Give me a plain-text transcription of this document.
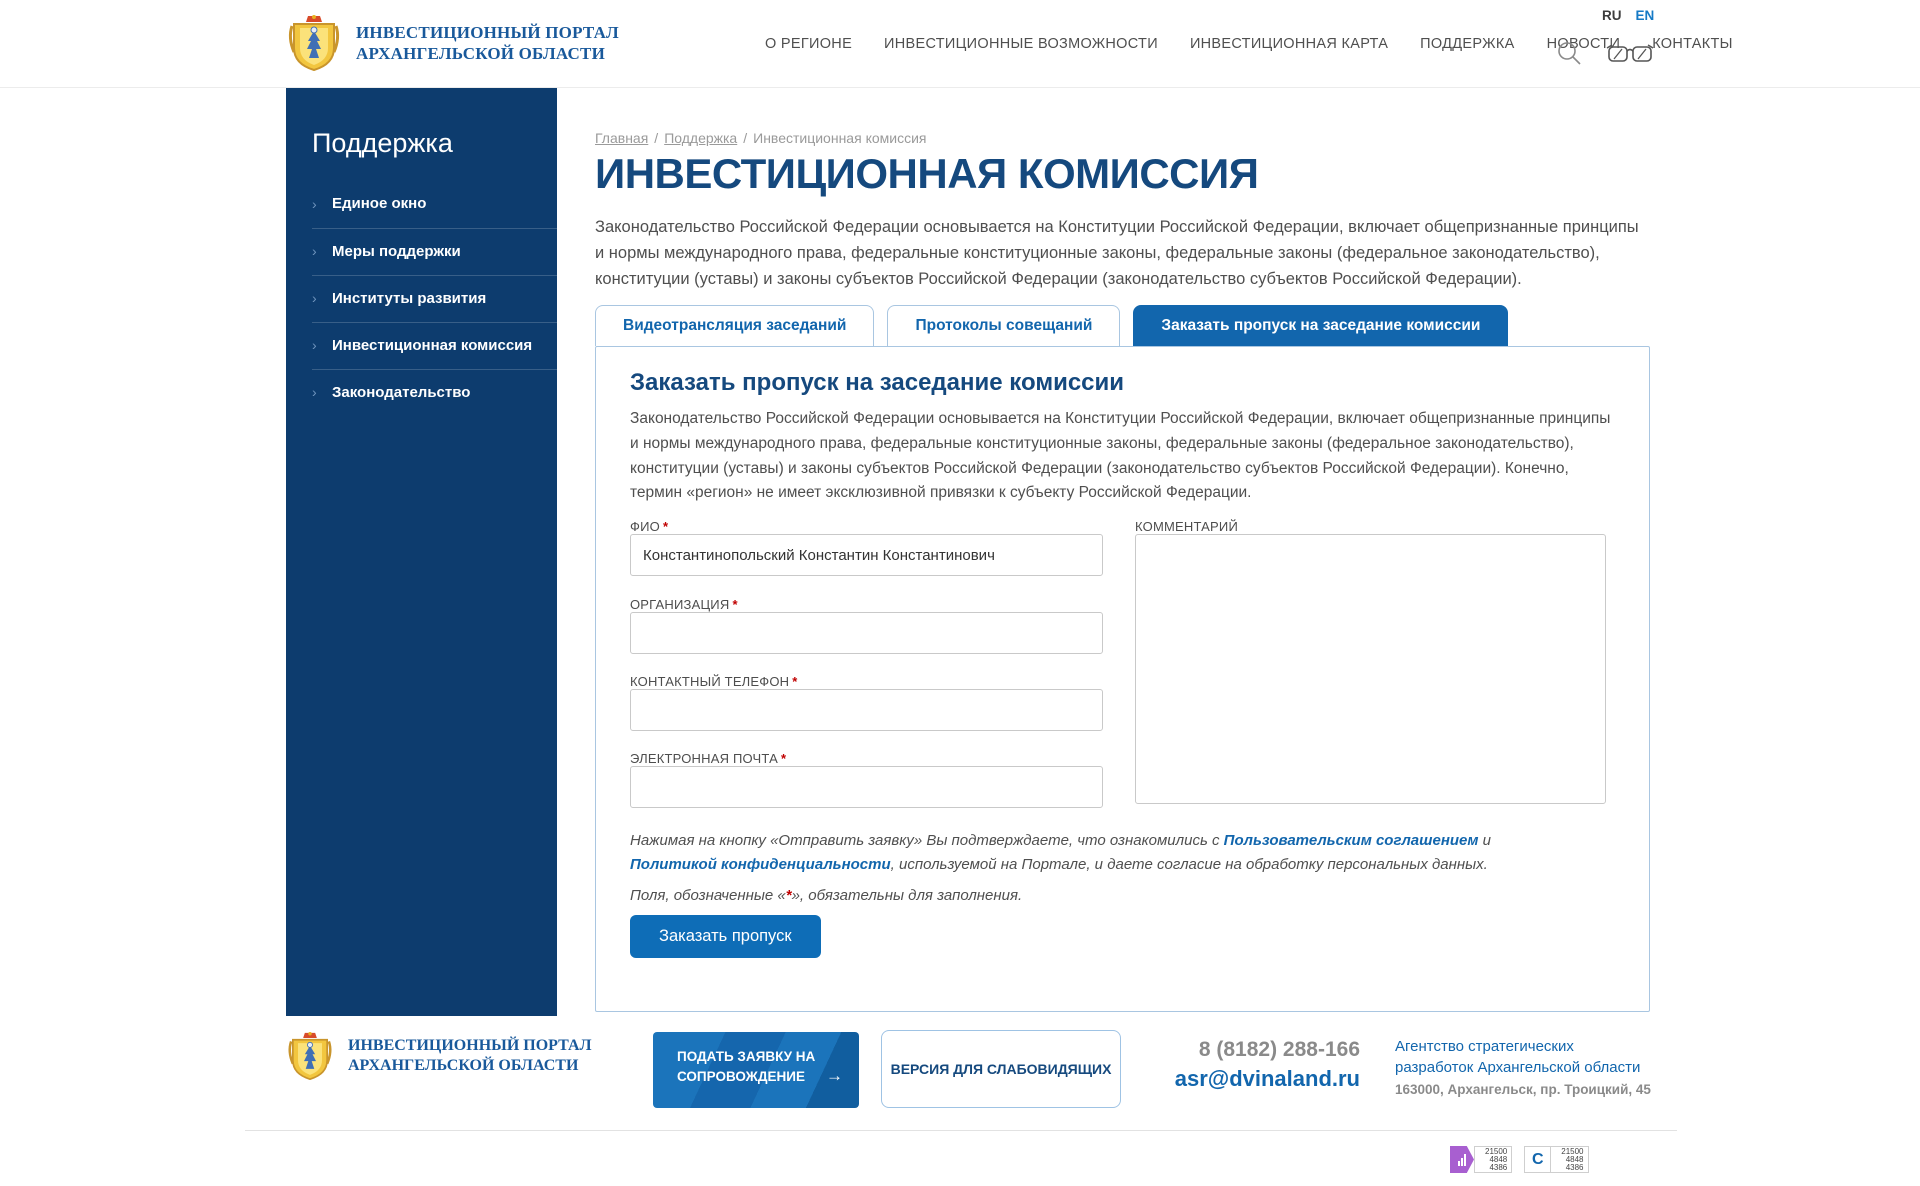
ИНВЕСТИЦИОННЫЙ ПОРТАЛ
АРХАНГЕЛЬСКОЙ ОБЛАСТИ	О РЕГИОНЕ ИНВЕСТИЦИОННЫЕ ВОЗМОЖНОСТИ ИНВЕСТИЦИОННАЯ КАРТА ПОДДЕРЖКА НОВОСТИ КОНТАКТЫ
RU EN
Поддержка
› Единое окно
› Меры поддержки
› Институты развития
› Инвестиционная комиссия
› Законодательство
Главная / Поддержка / Инвестиционная комиссия
ИНВЕСТИЦИОННАЯ КОМИССИЯ

Законодательство Российской Федерации основывается на Конституции Российской Федерации, включает общепризнанные принципы и нормы международного права, федеральные конституционные законы, федеральные законы (федеральное законодательство), конституции (уставы) и законы субъектов Российской Федерации (законодательство субъектов Российской Федерации).

Видеотрансляция заседаний	Протоколы совещаний	Заказать пропуск на заседание комиссии
Заказать пропуск на заседание комиссии

Законодательство Российской Федерации основывается на Конституции Российской Федерации, включает общепризнанные принципы и нормы международного права, федеральные конституционные законы, федеральные законы (федеральное законодательство), конституции (уставы) и законы субъектов Российской Федерации (законодательство субъектов Российской Федерации). Конечно, термин «регион» не имеет эксклюзивной привязки к субъекту Российской Федерации.

ФИО *
Константинопольский Константин Константинович
ОРГАНИЗАЦИЯ *
КОНТАКТНЫЙ ТЕЛЕФОН *
ЭЛЕКТРОННАЯ ПОЧТА *
КОММЕНТАРИЙ

Нажимая на кнопку «Отправить заявку» Вы подтверждаете, что ознакомились с Пользовательским соглашением и Политикой конфиденциальности, используемой на Портале, и даете согласие на обработку персональных данных.

Поля, обозначенные «*», обязательны для заполнения.

Заказать пропуск
ИНВЕСТИЦИОННЫЙ ПОРТАЛ
АРХАНГЕЛЬСКОЙ ОБЛАСТИ
ПОДАТЬ ЗАЯВКУ НА
СОПРОВОЖДЕНИЕ →	ВЕРСИЯ ДЛЯ СЛАБОВИДЯЩИХ
8 (8182) 288-166
asr@dvinaland.ru
Агентство стратегических разработок Архангельской области
163000, Архангельск, пр. Троицкий, 45
21500
4848
4386	C	21500
4848
4386
